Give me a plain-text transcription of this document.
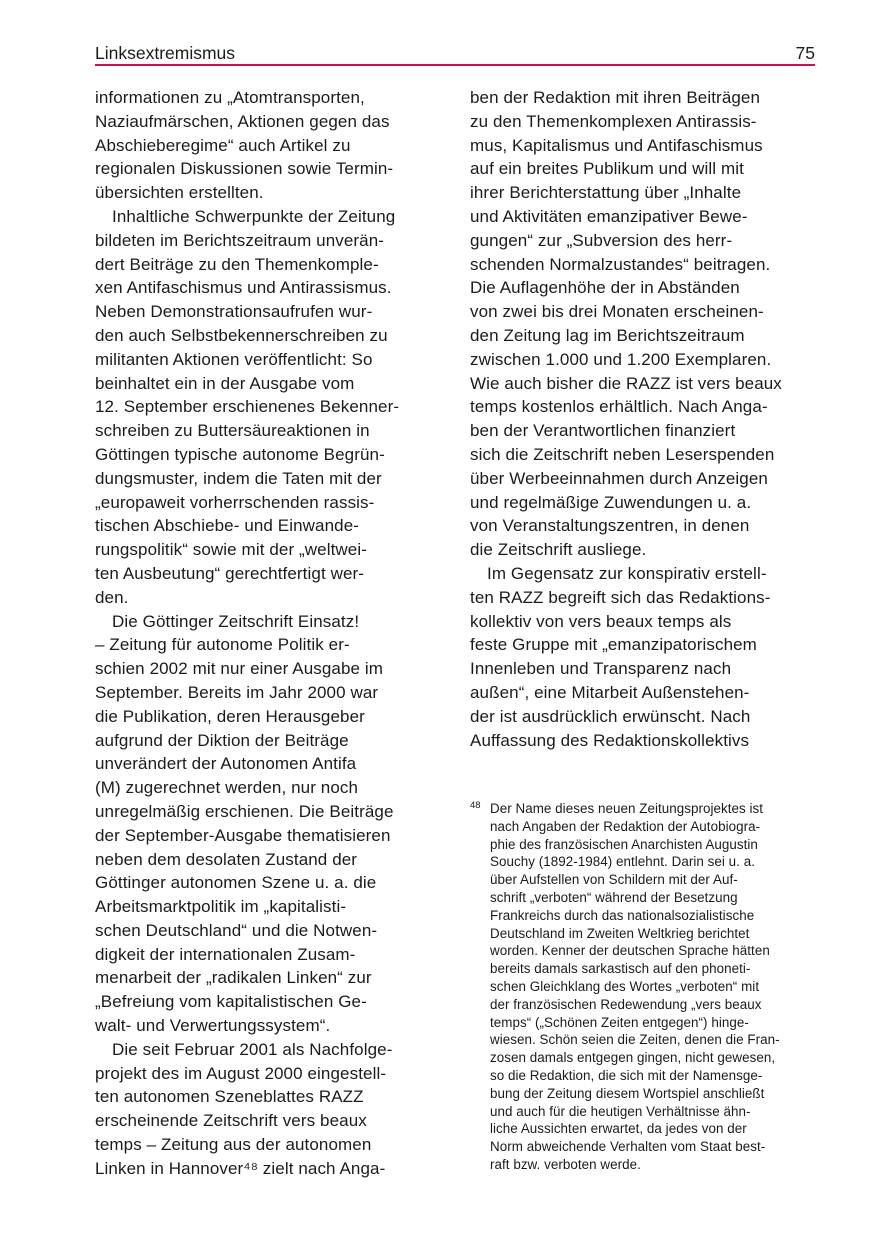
Linksextremismus	75
informationen zu „Atomtransporten,
Naziaufmärschen, Aktionen gegen das
Abschieberegime“ auch Artikel zu
regionalen Diskussionen sowie Termin-
übersichten erstellten.
Inhaltliche Schwerpunkte der Zeitung
bildeten im Berichtszeitraum unverän-
dert Beiträge zu den Themenkomple-
xen Antifaschismus und Antirassismus.
Neben Demonstrationsaufrufen wur-
den auch Selbstbekennerschreiben zu
militanten Aktionen veröffentlicht: So
beinhaltet ein in der Ausgabe vom
12. September erschienenes Bekenner-
schreiben zu Buttersäureaktionen in
Göttingen typische autonome Begrün-
dungsmuster, indem die Taten mit der
„europaweit vorherrschenden rassis-
tischen Abschiebe- und Einwande-
rungspolitik“ sowie mit der „weltwei-
ten Ausbeutung“ gerechtfertigt wer-
den.
Die Göttinger Zeitschrift Einsatz!
– Zeitung für autonome Politik er-
schien 2002 mit nur einer Ausgabe im
September. Bereits im Jahr 2000 war
die Publikation, deren Herausgeber
aufgrund der Diktion der Beiträge
unverändert der Autonomen Antifa
(M) zugerechnet werden, nur noch
unregelmäßig erschienen. Die Beiträge
der September-Ausgabe thematisieren
neben dem desolaten Zustand der
Göttinger autonomen Szene u. a. die
Arbeitsmarktpolitik im „kapitalisti-
schen Deutschland“ und die Notwen-
digkeit der internationalen Zusam-
menarbeit der „radikalen Linken“ zur
„Befreiung vom kapitalistischen Ge-
walt- und Verwertungssystem“.
Die seit Februar 2001 als Nachfolge-
projekt des im August 2000 eingestell-
ten autonomen Szeneblattes RAZZ
erscheinende Zeitschrift vers beaux
temps – Zeitung aus der autonomen
Linken in Hannover⁴⁸ zielt nach Anga-
ben der Redaktion mit ihren Beiträgen
zu den Themenkomplexen Antirassis-
mus, Kapitalismus und Antifaschismus
auf ein breites Publikum und will mit
ihrer Berichterstattung über „Inhalte
und Aktivitäten emanzipativer Bewe-
gungen“ zur „Subversion des herr-
schenden Normalzustandes“ beitragen.
Die Auflagenhöhe der in Abständen
von zwei bis drei Monaten erscheinen-
den Zeitung lag im Berichtszeitraum
zwischen 1.000 und 1.200 Exemplaren.
Wie auch bisher die RAZZ ist vers beaux
temps kostenlos erhältlich. Nach Anga-
ben der Verantwortlichen finanziert
sich die Zeitschrift neben Leserspenden
über Werbeeinnahmen durch Anzeigen
und regelmäßige Zuwendungen u. a.
von Veranstaltungszentren, in denen
die Zeitschrift ausliege.
Im Gegensatz zur konspirativ erstell-
ten RAZZ begreift sich das Redaktions-
kollektiv von vers beaux temps als
feste Gruppe mit „emanzipatorischem
Innenleben und Transparenz nach
außen“, eine Mitarbeit Außenstehen-
der ist ausdrücklich erwünscht. Nach
Auffassung des Redaktionskollektivs
48 Der Name dieses neuen Zeitungsprojektes ist
nach Angaben der Redaktion der Autobiogra-
phie des französischen Anarchisten Augustin
Souchy (1892-1984) entlehnt. Darin sei u. a.
über Aufstellen von Schildern mit der Auf-
schrift „verboten“ während der Besetzung
Frankreichs durch das nationalsozialistische
Deutschland im Zweiten Weltkrieg berichtet
worden. Kenner der deutschen Sprache hätten
bereits damals sarkastisch auf den phoneti-
schen Gleichklang des Wortes „verboten“ mit
der französischen Redewendung „vers beaux
temps“ („Schönen Zeiten entgegen“) hinge-
wiesen. Schön seien die Zeiten, denen die Fran-
zosen damals entgegen gingen, nicht gewesen,
so die Redaktion, die sich mit der Namensge-
bung der Zeitung diesem Wortspiel anschließt
und auch für die heutigen Verhältnisse ähn-
liche Aussichten erwartet, da jedes von der
Norm abweichende Verhalten vom Staat best-
raft bzw. verboten werde.
